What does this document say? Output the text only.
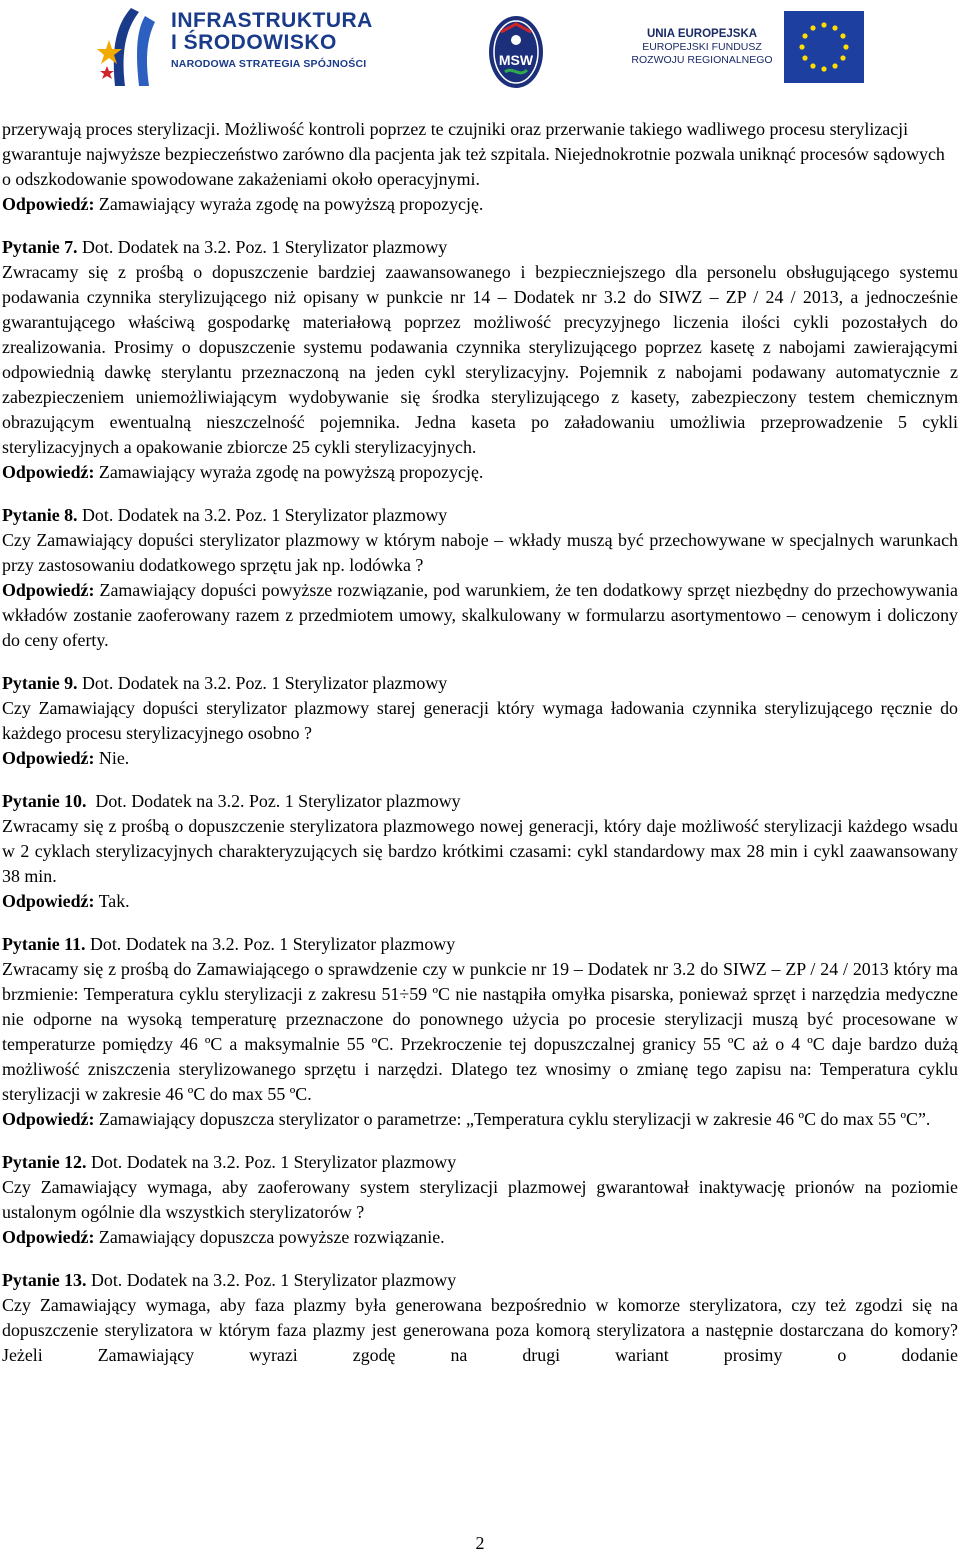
INFRASTRUKTURA
I ŚRODOWISKO
NARODOWA STRATEGIA SPÓJNOŚCI	MSW
UNIA EUROPEJSKA
EUROPEJSKI FUNDUSZ
ROZWOJU REGIONALNEGO

przerywają proces sterylizacji. Możliwość kontroli poprzez te czujniki oraz przerwanie takiego wadliwego procesu sterylizacji gwarantuje najwyższe bezpieczeństwo zarówno dla pacjenta jak też szpitala. Niejednokrotnie pozwala uniknąć procesów sądowych o odszkodowanie spowodowane zakażeniami około operacyjnymi.

Odpowiedź: Zamawiający wyraża zgodę na powyższą propozycję.

Pytanie 7. Dot. Dodatek na 3.2. Poz. 1 Sterylizator plazmowy

Zwracamy się z prośbą o dopuszczenie bardziej zaawansowanego i bezpieczniejszego dla personelu obsługującego systemu podawania czynnika sterylizującego niż opisany w punkcie nr 14 – Dodatek nr 3.2 do SIWZ – ZP / 24 / 2013, a jednocześnie gwarantującego właściwą gospodarkę materiałową poprzez możliwość precyzyjnego liczenia ilości cykli pozostałych do zrealizowania. Prosimy o dopuszczenie systemu podawania czynnika sterylizującego poprzez kasetę z nabojami zawierającymi odpowiednią dawkę sterylantu przeznaczoną na jeden cykl sterylizacyjny. Pojemnik z nabojami podawany automatycznie z zabezpieczeniem uniemożliwiającym wydobywanie się środka sterylizującego z kasety, zabezpieczony testem chemicznym obrazującym ewentualną nieszczelność pojemnika. Jedna kaseta po załadowaniu umożliwia przeprowadzenie 5 cykli sterylizacyjnych a opakowanie zbiorcze 25 cykli sterylizacyjnych.

Odpowiedź: Zamawiający wyraża zgodę na powyższą propozycję.

Pytanie 8. Dot. Dodatek na 3.2. Poz. 1 Sterylizator plazmowy

Czy Zamawiający dopuści sterylizator plazmowy w którym naboje – wkłady muszą być przechowywane w specjalnych warunkach przy zastosowaniu dodatkowego sprzętu jak np. lodówka ?

Odpowiedź: Zamawiający dopuści powyższe rozwiązanie, pod warunkiem, że ten dodatkowy sprzęt niezbędny do przechowywania wkładów zostanie zaoferowany razem z przedmiotem umowy, skalkulowany w formularzu asortymentowo – cenowym i doliczony do ceny oferty.

Pytanie 9. Dot. Dodatek na 3.2. Poz. 1 Sterylizator plazmowy

Czy Zamawiający dopuści sterylizator plazmowy starej generacji który wymaga ładowania czynnika sterylizującego ręcznie do każdego procesu sterylizacyjnego osobno ?

Odpowiedź: Nie.

Pytanie 10.  Dot. Dodatek na 3.2. Poz. 1 Sterylizator plazmowy

Zwracamy się z prośbą o dopuszczenie sterylizatora plazmowego nowej generacji, który daje możliwość sterylizacji każdego wsadu w 2 cyklach sterylizacyjnych charakteryzujących się bardzo krótkimi czasami: cykl standardowy max 28 min i cykl zaawansowany 38 min.

Odpowiedź: Tak.

Pytanie 11. Dot. Dodatek na 3.2. Poz. 1 Sterylizator plazmowy

Zwracamy się z prośbą do Zamawiającego o sprawdzenie czy w punkcie nr 19 – Dodatek nr 3.2 do SIWZ – ZP / 24 / 2013 który ma brzmienie: Temperatura cyklu sterylizacji z zakresu 51÷59 ºC nie nastąpiła omyłka pisarska, ponieważ sprzęt i narzędzia medyczne nie odporne na wysoką temperaturę przeznaczone do ponownego użycia po procesie sterylizacji muszą być procesowane w temperaturze pomiędzy 46 ºC a maksymalnie 55 ºC. Przekroczenie tej dopuszczalnej granicy 55 ºC aż o 4 ºC daje bardzo dużą możliwość zniszczenia sterylizowanego sprzętu i narzędzi. Dlatego tez wnosimy o zmianę tego zapisu na: Temperatura cyklu sterylizacji w zakresie 46 ºC do max 55 ºC.

Odpowiedź: Zamawiający dopuszcza sterylizator o parametrze: „Temperatura cyklu sterylizacji w zakresie 46 ºC do max 55 ºC”.

Pytanie 12. Dot. Dodatek na 3.2. Poz. 1 Sterylizator plazmowy

Czy Zamawiający wymaga, aby zaoferowany system sterylizacji plazmowej gwarantował inaktywację prionów na poziomie ustalonym ogólnie dla wszystkich sterylizatorów ?

Odpowiedź: Zamawiający dopuszcza powyższe rozwiązanie.

Pytanie 13. Dot. Dodatek na 3.2. Poz. 1 Sterylizator plazmowy

Czy Zamawiający wymaga, aby faza plazmy była generowana bezpośrednio w komorze sterylizatora, czy też zgodzi się na dopuszczenie sterylizatora w którym faza plazmy jest generowana poza komorą sterylizatora a następnie dostarczana do komory? Jeżeli Zamawiający wyrazi zgodę na drugi wariant prosimy o dodanie

2
